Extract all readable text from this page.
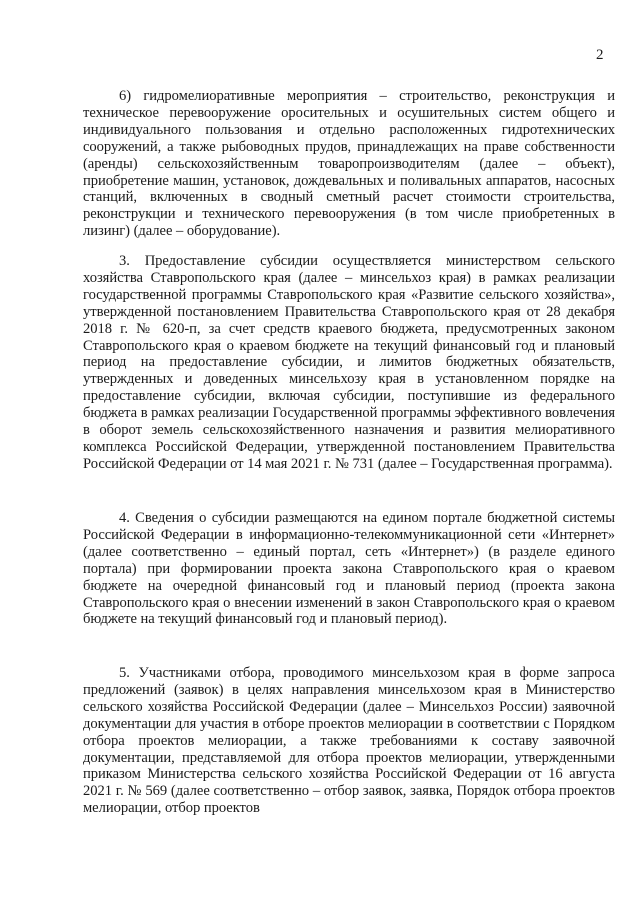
2

6) гидромелиоративные мероприятия – строительство, реконструкция и техническое перевооружение оросительных и осушительных систем общего и индивидуального пользования и отдельно расположенных гидротехнических сооружений, а также рыбоводных прудов, принадлежащих на праве собственности (аренды) сельскохозяйственным товаропроизводителям (далее – объект), приобретение машин, установок, дождевальных и поливальных аппаратов, насосных станций, включенных в сводный сметный расчет стоимости строительства, реконструкции и технического перевооружения (в том числе приобретенных в лизинг) (далее – оборудование).

3. Предоставление субсидии осуществляется министерством сельского хозяйства Ставропольского края (далее – минсельхоз края) в рамках реализации государственной программы Ставропольского края «Развитие сельского хозяйства», утвержденной постановлением Правительства Ставропольского края от 28 декабря 2018 г. № 620-п, за счет средств краевого бюджета, предусмотренных законом Ставропольского края о краевом бюджете на текущий финансовый год и плановый период на предоставление субсидии, и лимитов бюджетных обязательств, утвержденных и доведенных минсельхозу края в установленном порядке на предоставление субсидии, включая субсидии, поступившие из федерального бюджета в рамках реализации Государственной программы эффективного вовлечения в оборот земель сельскохозяйственного назначения и развития мелиоративного комплекса Российской Федерации, утвержденной постановлением Правительства Российской Федерации от 14 мая 2021 г. № 731 (далее – Государственная программа).

4. Сведения о субсидии размещаются на едином портале бюджетной системы Российской Федерации в информационно-телекоммуникационной сети «Интернет» (далее соответственно – единый портал, сеть «Интернет») (в разделе единого портала) при формировании проекта закона Ставропольского края о краевом бюджете на очередной финансовый год и плановый период (проекта закона Ставропольского края о внесении изменений в закон Ставропольского края о краевом бюджете на текущий финансовый год и плановый период).

5. Участниками отбора, проводимого минсельхозом края в форме запроса предложений (заявок) в целях направления минсельхозом края в Министерство сельского хозяйства Российской Федерации (далее – Минсельхоз России) заявочной документации для участия в отборе проектов мелиорации в соответствии с Порядком отбора проектов мелиорации, а также требованиями к составу заявочной документации, представляемой для отбора проектов мелиорации, утвержденными приказом Министерства сельского хозяйства Российской Федерации от 16 августа 2021 г. № 569 (далее соответственно – отбор заявок, заявка, Порядок отбора проектов мелиорации, отбор проектов
